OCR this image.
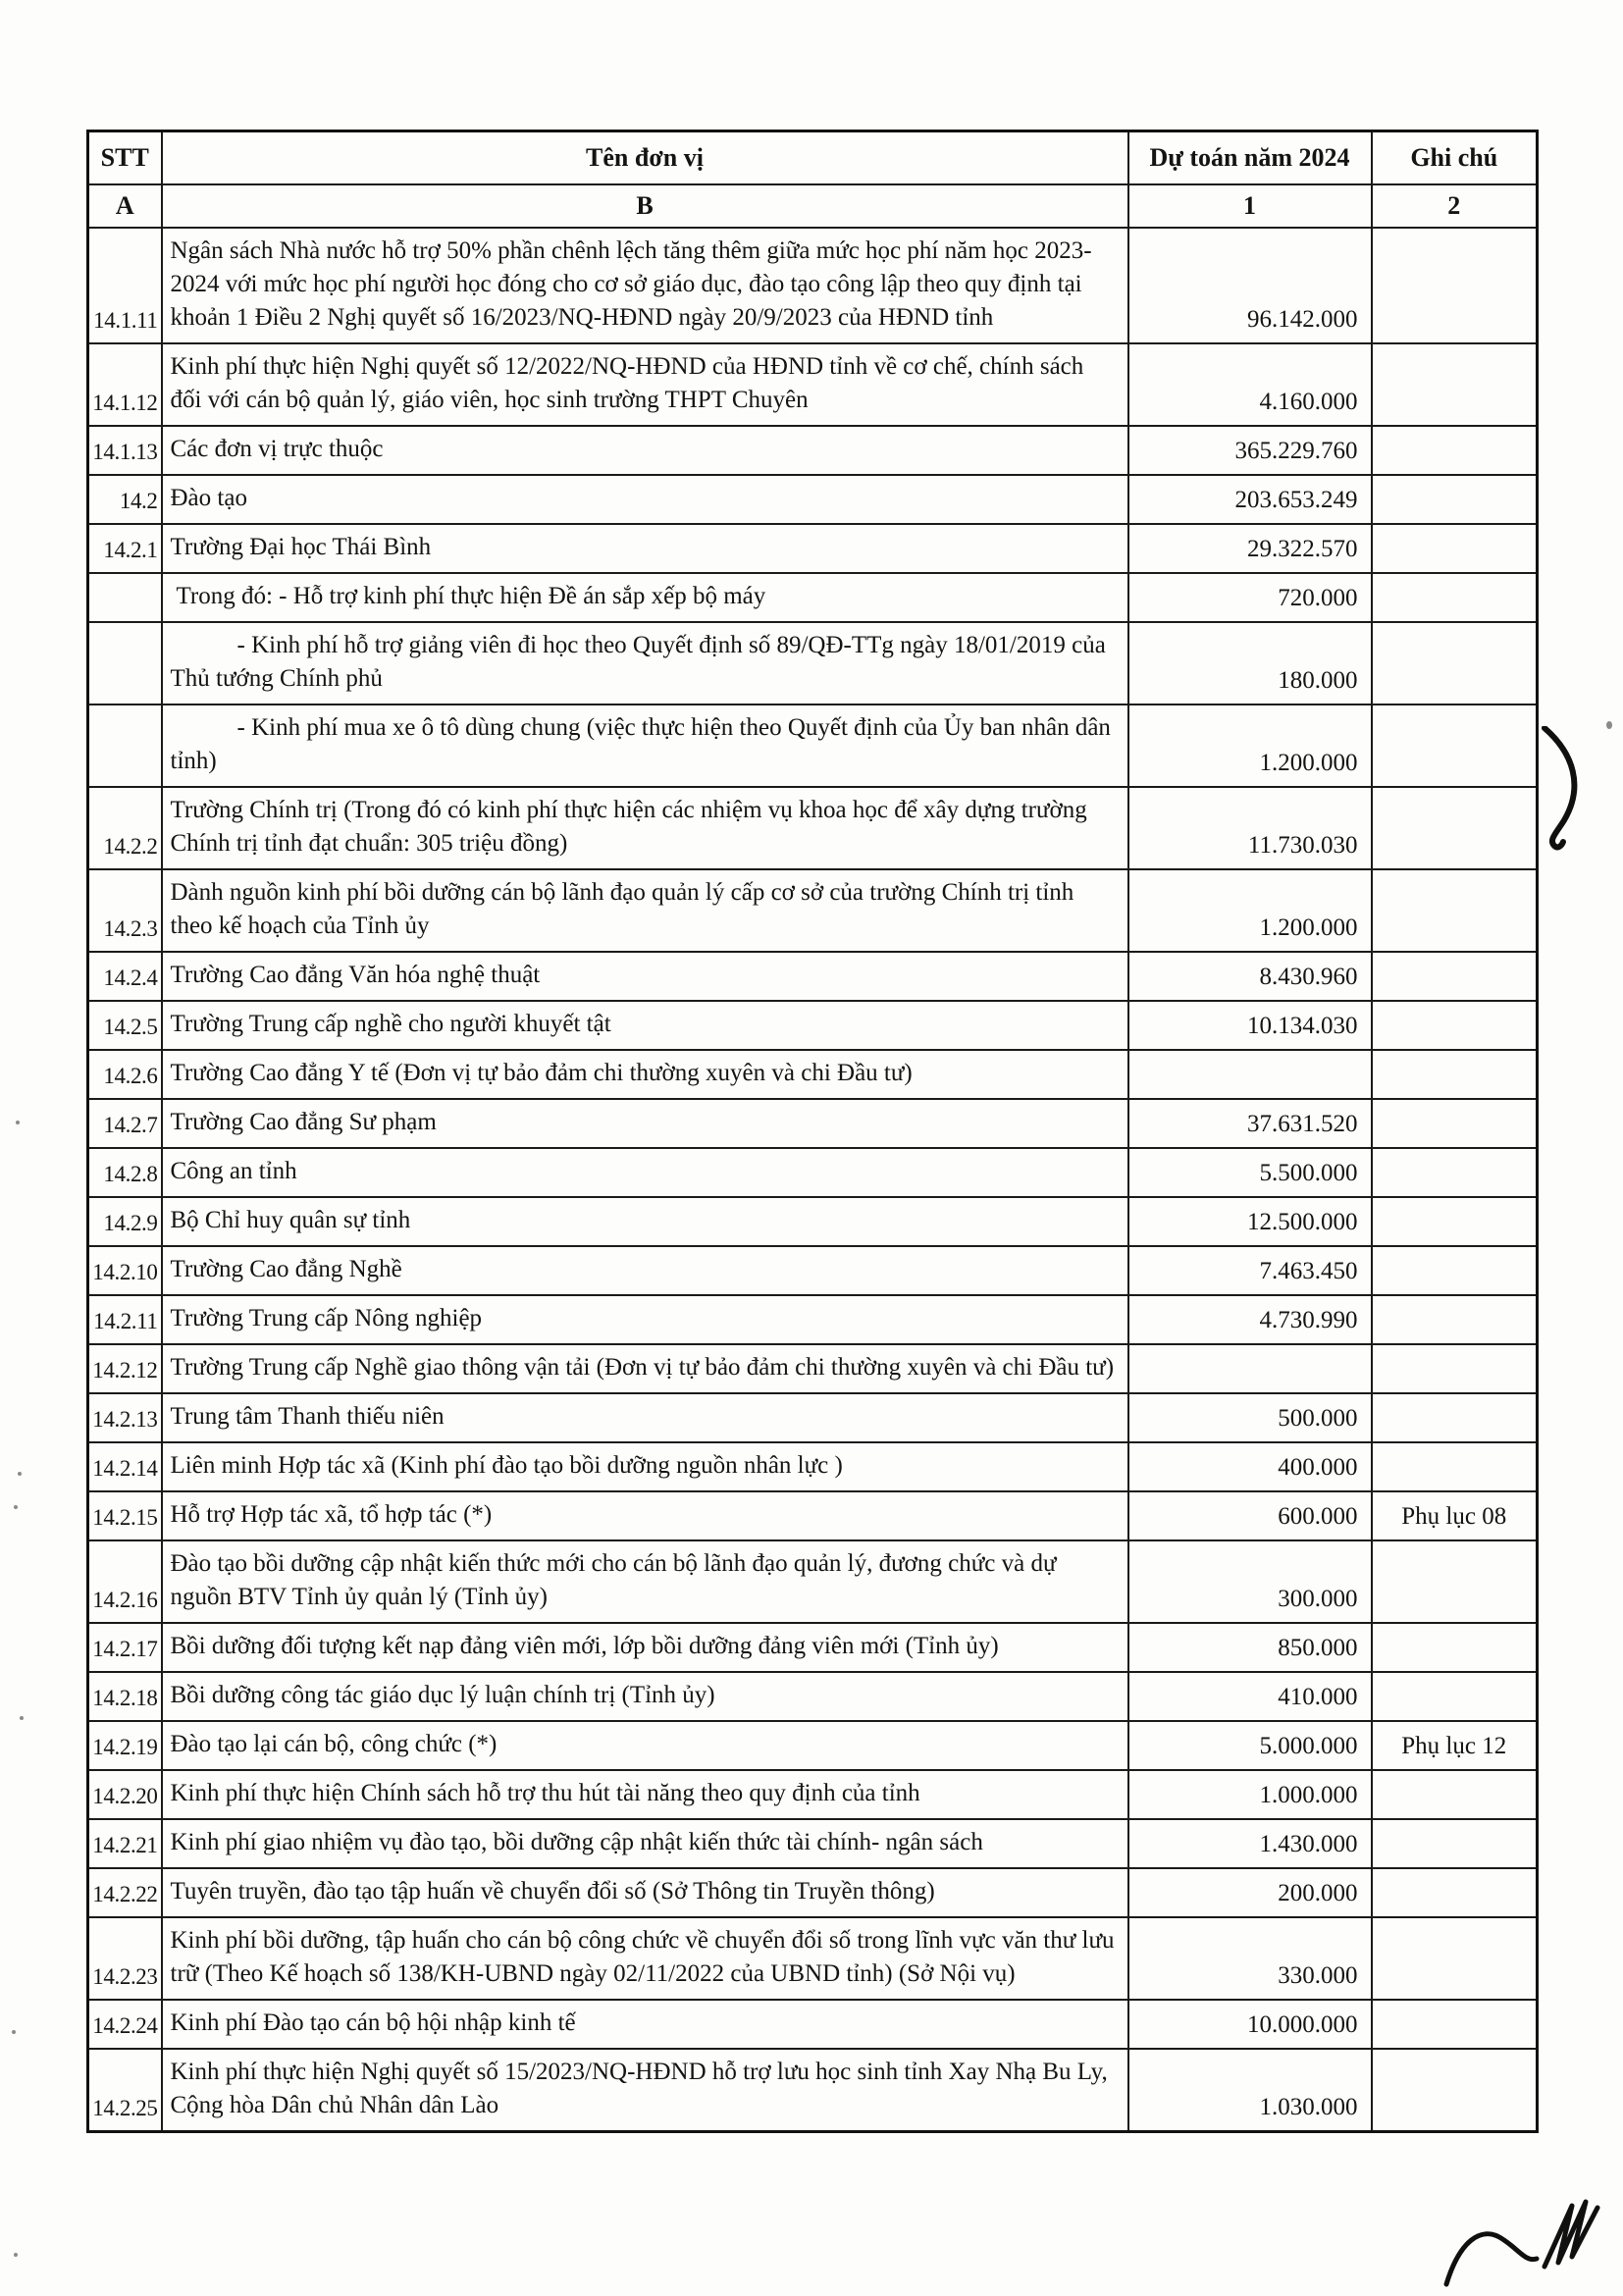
STT	Tên đơn vị	Dự toán năm 2024	Ghi chú
A	B	1	2
14.1.11	Ngân sách Nhà nước hỗ trợ 50% phần chênh lệch tăng thêm giữa mức học phí năm học 2023-2024 với mức học phí người học đóng cho cơ sở giáo dục, đào tạo công lập theo quy định tại khoản 1 Điều 2 Nghị quyết số 16/2023/NQ-HĐND ngày 20/9/2023 của HĐND tỉnh	96.142.000	
14.1.12	Kinh phí thực hiện Nghị quyết số 12/2022/NQ-HĐND của HĐND tỉnh về cơ chế, chính sách đối với cán bộ quản lý, giáo viên, học sinh trường THPT Chuyên	4.160.000	
14.1.13	Các đơn vị trực thuộc	365.229.760	
14.2	Đào tạo	203.653.249	
14.2.1	Trường Đại học Thái Bình	29.322.570	

	Trong đó: - Hỗ trợ kinh phí thực hiện Đề án sắp xếp bộ máy	720.000	

	- Kinh phí hỗ trợ giảng viên đi học theo Quyết định số 89/QĐ-TTg ngày 18/01/2019 của Thủ tướng Chính phủ	180.000	

	- Kinh phí mua xe ô tô dùng chung (việc thực hiện theo Quyết định của Ủy ban nhân dân tỉnh)	1.200.000	
14.2.2	Trường Chính trị (Trong đó có kinh phí thực hiện các nhiệm vụ khoa học để xây dựng trường Chính trị tỉnh đạt chuẩn: 305 triệu đồng)	11.730.030	
14.2.3	Dành nguồn kinh phí bồi dưỡng cán bộ lãnh đạo quản lý cấp cơ sở của trường Chính trị tỉnh theo kế hoạch của Tỉnh ủy	1.200.000	
14.2.4	Trường Cao đẳng Văn hóa nghệ thuật	8.430.960	
14.2.5	Trường Trung cấp nghề cho người khuyết tật	10.134.030	
14.2.6	Trường Cao đẳng Y tế (Đơn vị tự bảo đảm chi thường xuyên và chi Đầu tư)		

14.2.7	Trường Cao đẳng Sư phạm	37.631.520	
14.2.8	Công an tỉnh	5.500.000	
14.2.9	Bộ Chỉ huy quân sự tỉnh	12.500.000	
14.2.10	Trường Cao đẳng Nghề	7.463.450	
14.2.11	Trường Trung cấp Nông nghiệp	4.730.990	
14.2.12	Trường Trung cấp Nghề giao thông vận tải (Đơn vị tự bảo đảm chi thường xuyên và chi Đầu tư)		

14.2.13	Trung tâm Thanh thiếu niên	500.000	
14.2.14	Liên minh Hợp tác xã (Kinh phí đào tạo bồi dưỡng nguồn nhân lực )	400.000	
14.2.15	Hỗ trợ Hợp tác xã, tổ hợp tác (*)	600.000	Phụ lục 08
14.2.16	Đào tạo bồi dưỡng cập nhật kiến thức mới cho cán bộ lãnh đạo quản lý, đương chức và dự nguồn BTV Tỉnh ủy quản lý (Tỉnh ủy)	300.000	
14.2.17	Bồi dưỡng đối tượng kết nạp đảng viên mới, lớp bồi dưỡng đảng viên mới (Tỉnh ủy)	850.000	
14.2.18	Bồi dưỡng công tác giáo dục lý luận chính trị (Tỉnh ủy)	410.000	
14.2.19	Đào tạo lại cán bộ, công chức (*)	5.000.000	Phụ lục 12
14.2.20	Kinh phí thực hiện Chính sách hỗ trợ thu hút tài năng theo quy định của tỉnh	1.000.000	
14.2.21	Kinh phí giao nhiệm vụ đào tạo, bồi dưỡng cập nhật kiến thức tài chính- ngân sách	1.430.000	
14.2.22	Tuyên truyền, đào tạo tập huấn về chuyển đổi số (Sở Thông tin Truyền thông)	200.000	
14.2.23	Kinh phí bồi dưỡng, tập huấn cho cán bộ công chức về chuyển đổi số trong lĩnh vực văn thư lưu trữ (Theo Kế hoạch số 138/KH-UBND ngày 02/11/2022 của UBND tỉnh) (Sở Nội vụ)	330.000	
14.2.24	Kinh phí Đào tạo cán bộ hội nhập kinh tế	10.000.000	
14.2.25	Kinh phí thực hiện Nghị quyết số 15/2023/NQ-HĐND hỗ trợ lưu học sinh tỉnh Xay Nhạ Bu Ly, Cộng hòa Dân chủ Nhân dân Lào	1.030.000	
